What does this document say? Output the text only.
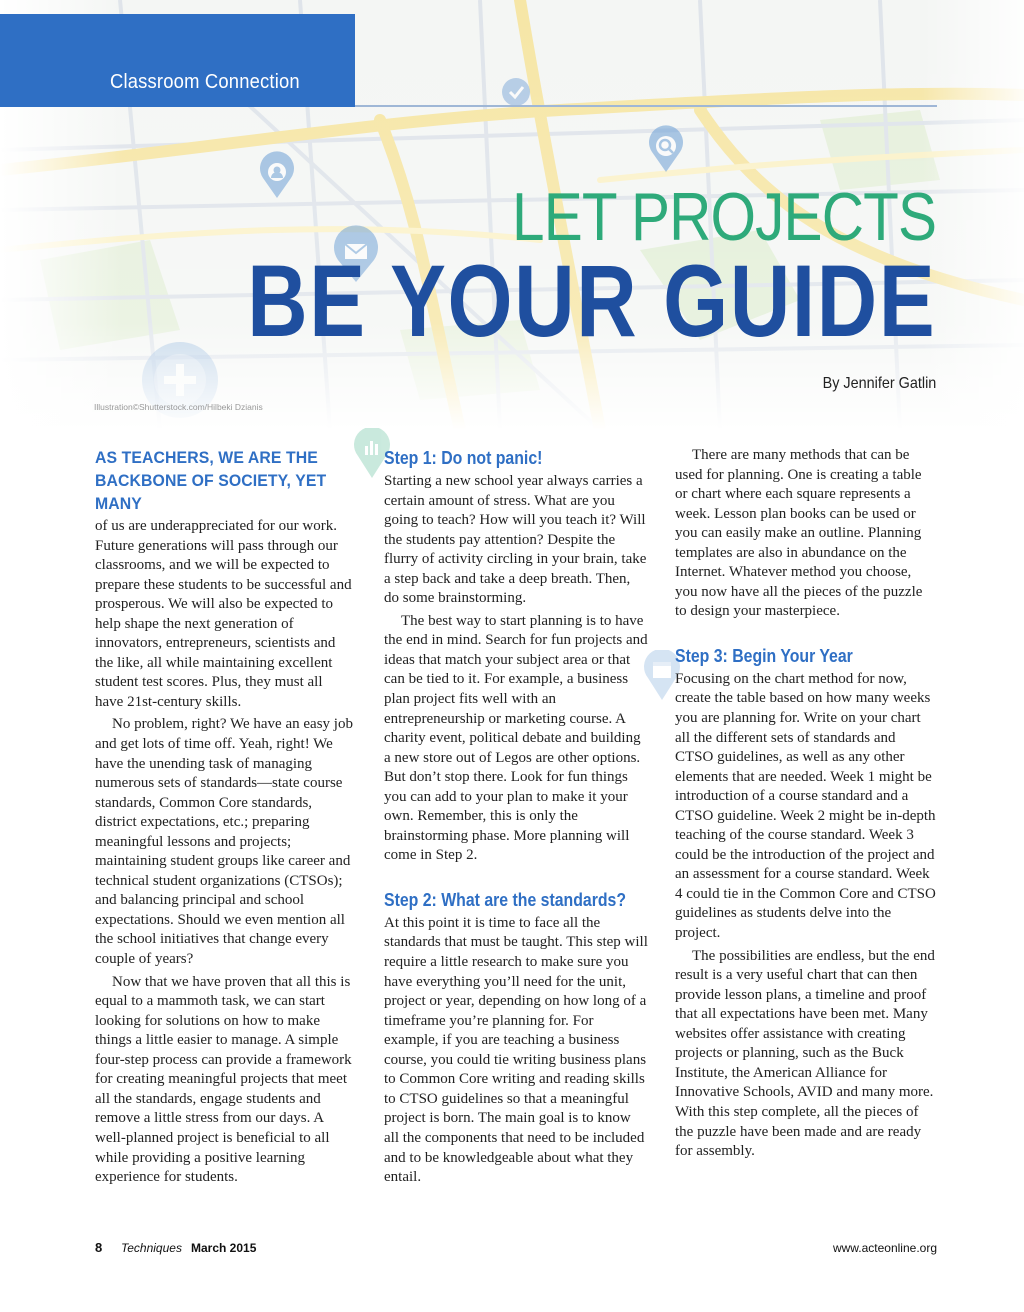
Classroom Connection
LET PROJECTS
BE YOUR GUIDE
By Jennifer Gatlin
Illustration©Shutterstock.com/Hilbeki Dzianis

AS TEACHERS, WE ARE THE BACKBONE OF SOCIETY, YET MANY
of us are underappreciated for our work. Future generations will pass through our classrooms, and we will be expected to prepare these students to be successful and prosperous. We will also be expected to help shape the next generation of innovators, entrepreneurs, scientists and the like, all while maintaining excellent student test scores. Plus, they must all have 21st-century skills.

No problem, right? We have an easy job and get lots of time off. Yeah, right! We have the unending task of managing numerous sets of standards—state course standards, Common Core standards, district expectations, etc.; preparing meaningful lessons and projects; maintaining student groups like career and technical student organizations (CTSOs); and balancing principal and school expectations. Should we even mention all the school initiatives that change every couple of years?

Now that we have proven that all this is equal to a mammoth task, we can start looking for solutions on how to make things a little easier to manage. A simple four-step process can provide a framework for creating meaningful projects that meet all the standards, engage students and remove a little stress from our days. A well-planned project is beneficial to all while providing a positive learning experience for students.

Step 1: Do not panic!

Starting a new school year always carries a certain amount of stress. What are you going to teach? How will you teach it? Will the students pay attention? Despite the flurry of activity circling in your brain, take a step back and take a deep breath. Then, do some brainstorming.

The best way to start planning is to have the end in mind. Search for fun projects and ideas that match your subject area or that can be tied to it. For example, a business plan project fits well with an entrepreneurship or marketing course. A charity event, political debate and building a new store out of Legos are other options. But don’t stop there. Look for fun things you can add to your plan to make it your own. Remember, this is only the brainstorming phase. More planning will come in Step 2.

Step 2: What are the standards?

At this point it is time to face all the standards that must be taught. This step will require a little research to make sure you have everything you’ll need for the unit, project or year, depending on how long of a timeframe you’re planning for. For example, if you are teaching a business course, you could tie writing business plans to Common Core writing and reading skills to CTSO guidelines so that a meaningful project is born. The main goal is to know all the components that need to be included and to be knowledgeable about what they entail.

There are many methods that can be used for planning. One is creating a table or chart where each square represents a week. Lesson plan books can be used or you can easily make an outline. Planning templates are also in abundance on the Internet. Whatever method you choose, you now have all the pieces of the puzzle to design your masterpiece.

Step 3: Begin Your Year

Focusing on the chart method for now, create the table based on how many weeks you are planning for. Write on your chart all the different sets of standards and CTSO guidelines, as well as any other elements that are needed. Week 1 might be introduction of a course standard and a CTSO guideline. Week 2 might be in-depth teaching of the course standard. Week 3 could be the introduction of the project and an assessment for a course standard. Week 4 could tie in the Common Core and CTSO guidelines as students delve into the project.

The possibilities are endless, but the end result is a very useful chart that can then provide lesson plans, a timeline and proof that all expectations have been met. Many websites offer assistance with creating projects or planning, such as the Buck Institute, the American Alliance for Innovative Schools, AVID and many more. With this step complete, all the pieces of the puzzle have been made and are ready for assembly.

8 Techniques March 2015	www.acteonline.org
